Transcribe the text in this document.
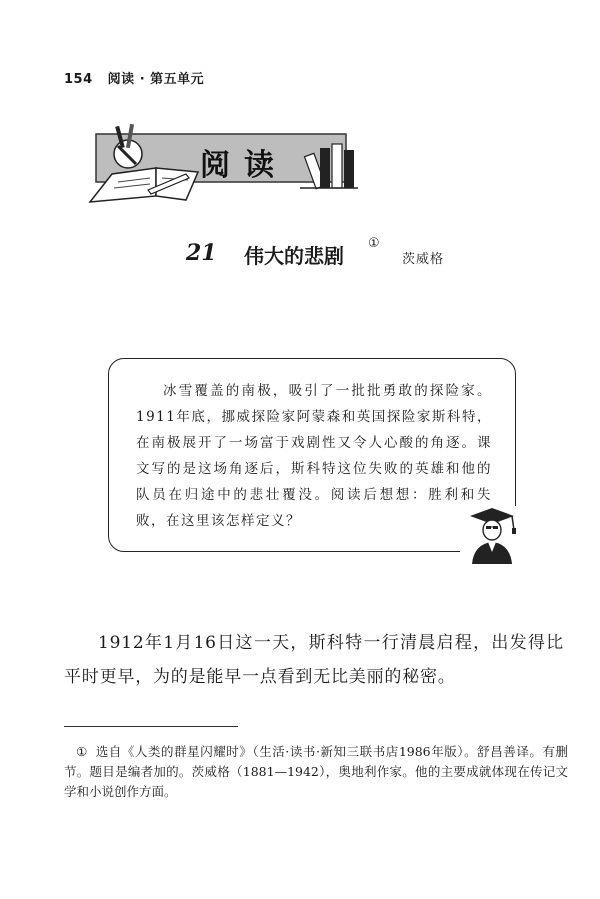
154 阅读 · 第五单元
阅读
21 伟大的悲剧
①
茨威格
冰雪覆盖的南极，吸引了一批批勇敢的探险家。1911年底，挪威探险家阿蒙森和英国探险家斯科特，在南极展开了一场富于戏剧性又令人心酸的角逐。课文写的是这场角逐后，斯科特这位失败的英雄和他的队员在归途中的悲壮覆没。阅读后想想：胜利和失败，在这里该怎样定义？
1912年1月16日这一天，斯科特一行清晨启程，出发得比平时更早，为的是能早一点看到无比美丽的秘密。
① 选自《人类的群星闪耀时》（生活·读书·新知三联书店1986年版）。舒昌善译。有删节。题目是编者加的。茨威格（1881—1942），奥地利作家。他的主要成就体现在传记文学和小说创作方面。
